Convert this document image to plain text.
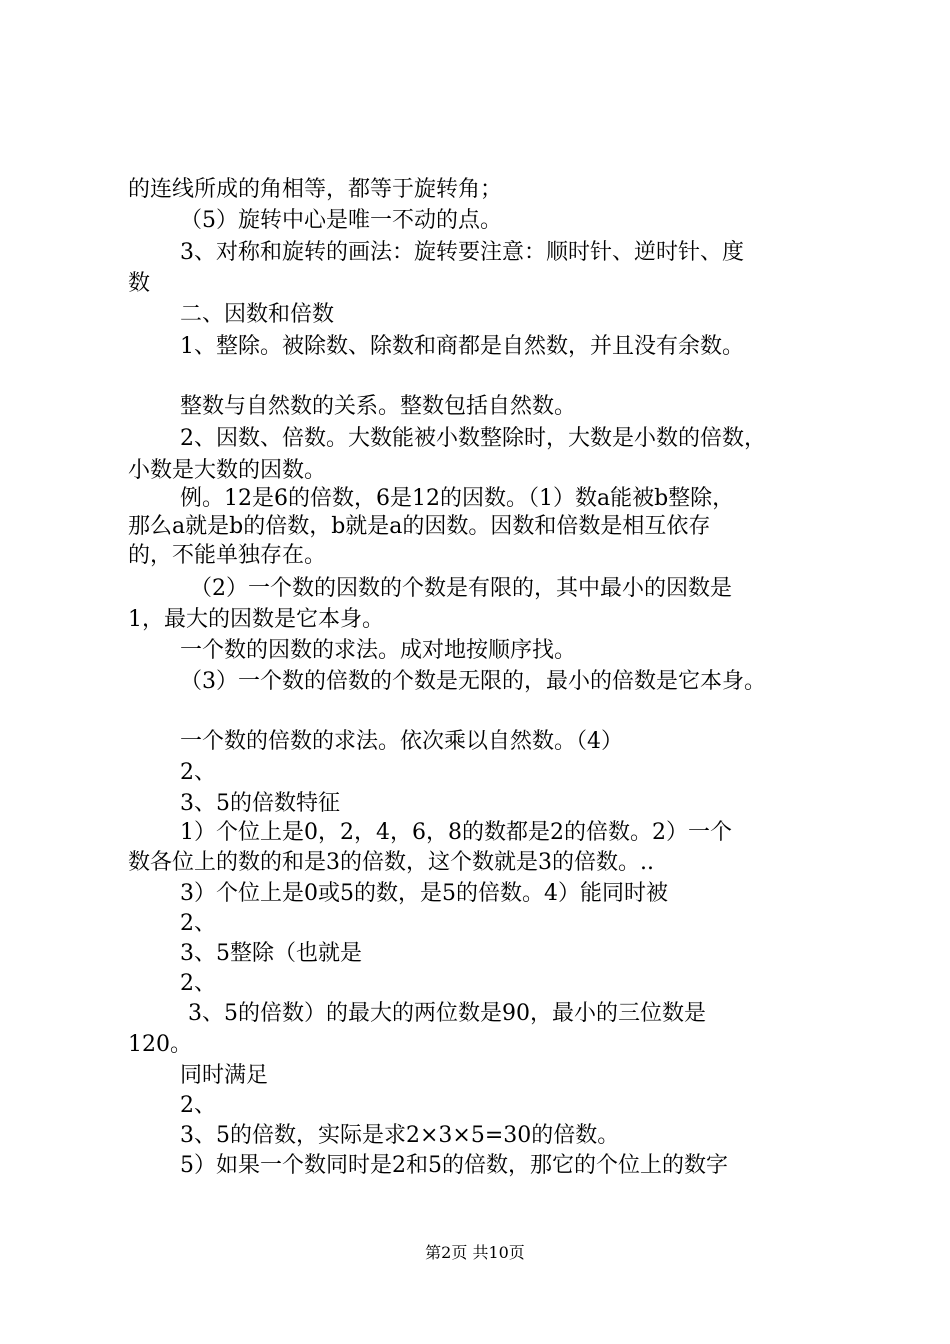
的连线所成的角相等，都等于旋转角；
（5）旋转中心是唯一不动的点。
3、对称和旋转的画法：旋转要注意：顺时针、逆时针、度
数
二、因数和倍数
1、整除。被除数、除数和商都是自然数，并且没有余数。
整数与自然数的关系。整数包括自然数。
2、因数、倍数。大数能被小数整除时，大数是小数的倍数，
小数是大数的因数。
例。12是6的倍数，6是12的因数。（1）数a能被b整除，
那么a就是b的倍数，b就是a的因数。因数和倍数是相互依存
的，不能单独存在。
（2）一个数的因数的个数是有限的，其中最小的因数是
1，最大的因数是它本身。
一个数的因数的求法。成对地按顺序找。
（3）一个数的倍数的个数是无限的，最小的倍数是它本身。
一个数的倍数的求法。依次乘以自然数。（4）
2、
3、5的倍数特征
1）个位上是0，2，4，6，8的数都是2的倍数。2）一个
数各位上的数的和是3的倍数，这个数就是3的倍数。..
3）个位上是0或5的数，是5的倍数。4）能同时被
2、
3、5整除（也就是
2、
3、5的倍数）的最大的两位数是90，最小的三位数是
120。
同时满足
2、
3、5的倍数，实际是求2×3×5=30的倍数。
5）如果一个数同时是2和5的倍数，那它的个位上的数字
第2页 共10页
